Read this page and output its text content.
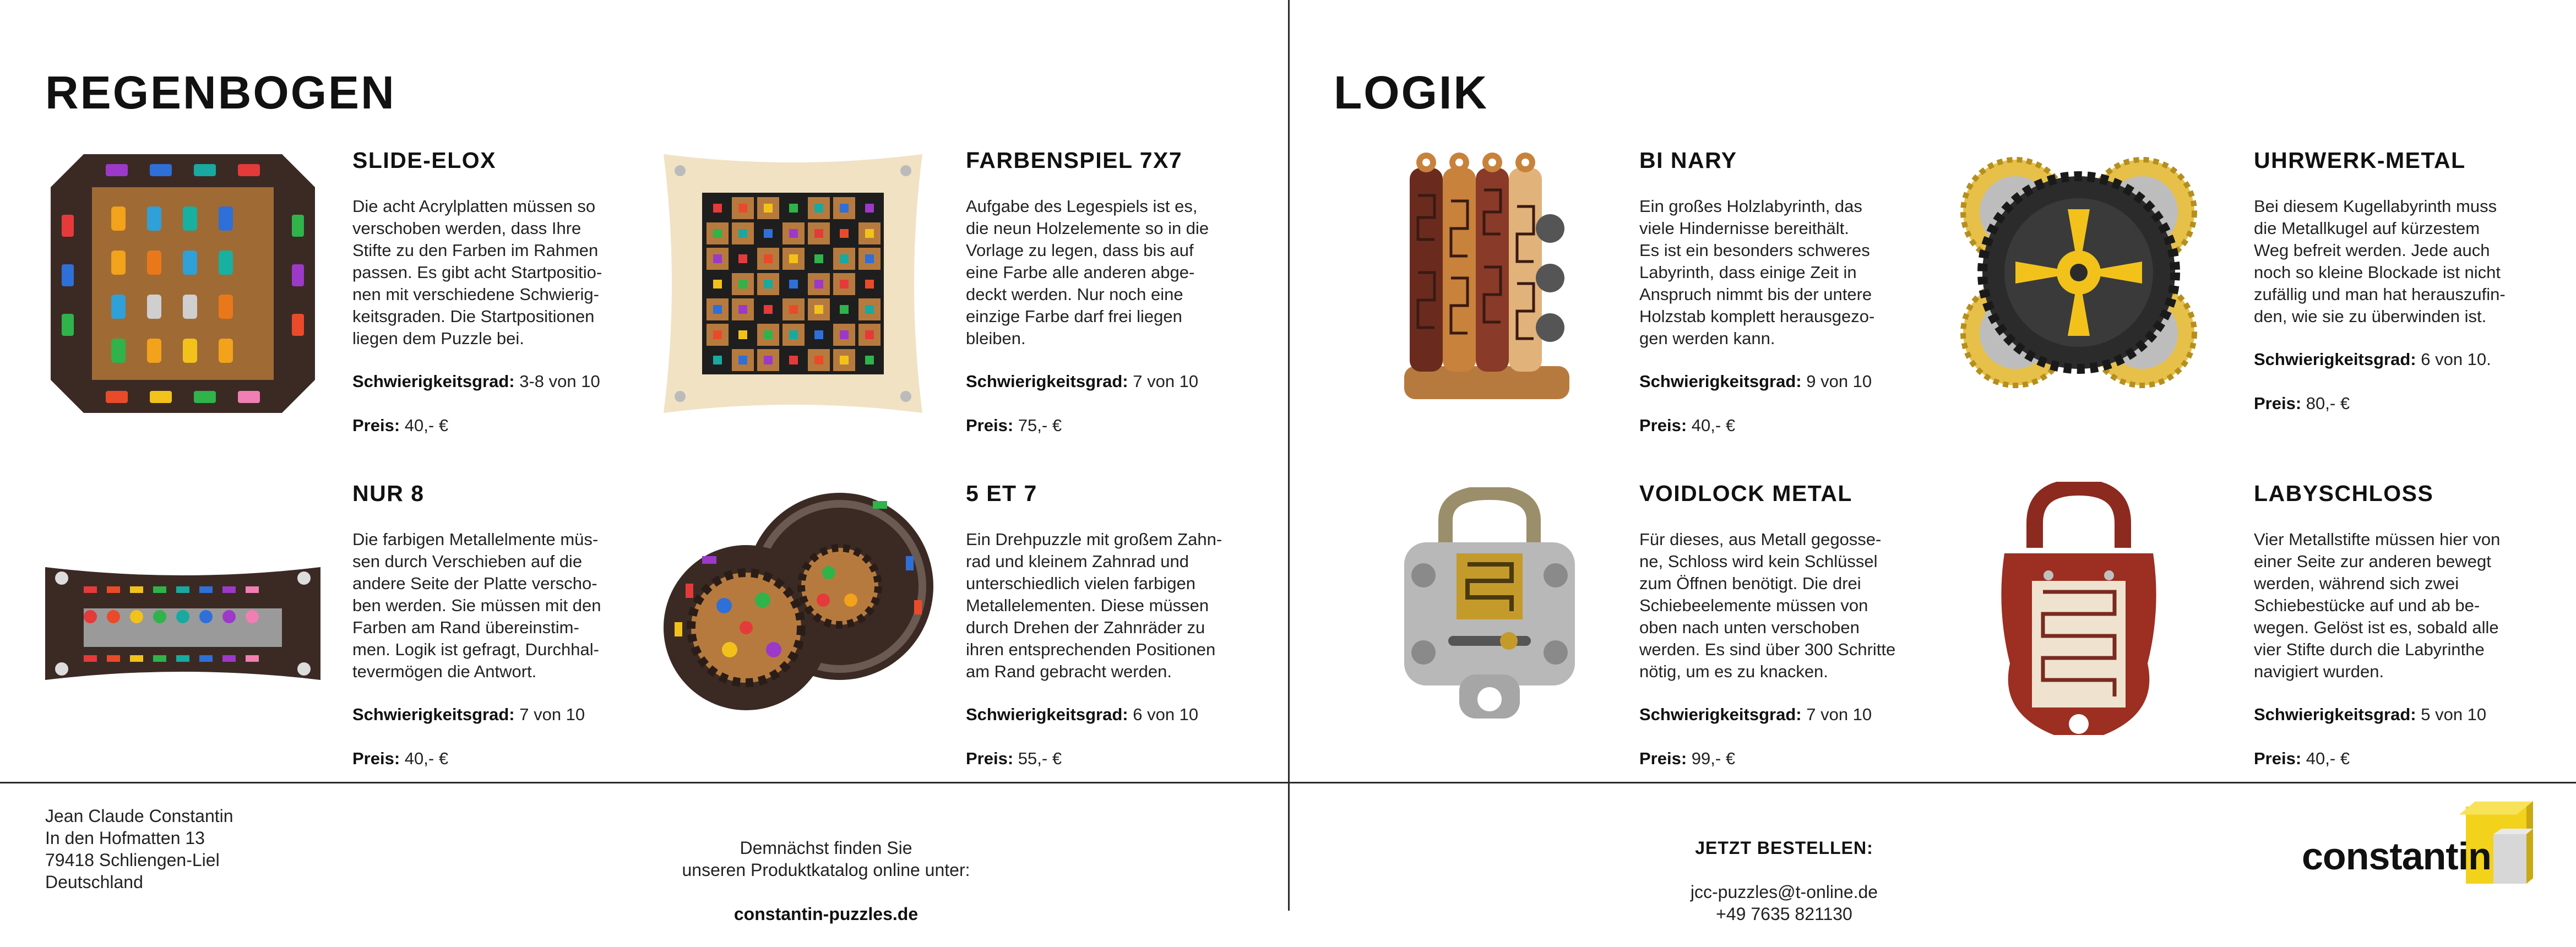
REGENBOGEN	LOGIK
SLIDE-ELOX
Die acht Acrylplatten müssen so
verschoben werden, dass Ihre
Stifte zu den Farben im Rahmen
passen. Es gibt acht Startpositio-
nen mit verschiedene Schwierig-
keitsgraden. Die Startpositionen
liegen dem Puzzle bei.
Schwierigkeitsgrad: 3-8 von 10
Preis: 40,- €
FARBENSPIEL 7X7
Aufgabe des Legespiels ist es,
die neun Holzelemente so in die
Vorlage zu legen, dass bis auf
eine Farbe alle anderen abge-
deckt werden. Nur noch eine
einzige Farbe darf frei liegen
bleiben.
Schwierigkeitsgrad: 7 von 10
Preis: 75,- €
NUR 8
Die farbigen Metallelmente müs-
sen durch Verschieben auf die
andere Seite der Platte verscho-
ben werden. Sie müssen mit den
Farben am Rand übereinstim-
men. Logik ist gefragt, Durchhal-
tevermögen die Antwort.
Schwierigkeitsgrad: 7 von 10
Preis: 40,- €
5 ET 7
Ein Drehpuzzle mit großem Zahn-
rad und kleinem Zahnrad und
unterschiedlich vielen farbigen
Metallelementen. Diese müssen
durch Drehen der Zahnräder zu
ihren entsprechenden Positionen
am Rand gebracht werden.
Schwierigkeitsgrad: 6 von 10
Preis: 55,- €
BI NARY
Ein großes Holzlabyrinth, das
viele Hindernisse bereithält.
Es ist ein besonders schweres
Labyrinth, dass einige Zeit in
Anspruch nimmt bis der untere
Holzstab komplett herausgezo-
gen werden kann.
Schwierigkeitsgrad: 9 von 10
Preis: 40,- €
UHRWERK-METAL
Bei diesem Kugellabyrinth muss
die Metallkugel auf kürzestem
Weg befreit werden. Jede auch
noch so kleine Blockade ist nicht
zufällig und man hat herauszufin-
den, wie sie zu überwinden ist.
Schwierigkeitsgrad: 6 von 10.
Preis: 80,- €
VOIDLOCK METAL
Für dieses, aus Metall gegosse-
ne, Schloss wird kein Schlüssel
zum Öffnen benötigt. Die drei
Schiebeelemente müssen von
oben nach unten verschoben
werden. Es sind über 300 Schritte
nötig, um es zu knacken.
Schwierigkeitsgrad: 7 von 10
Preis: 99,- €
LABYSCHLOSS
Vier Metallstifte müssen hier von
einer Seite zur anderen bewegt
werden, während sich zwei
Schiebestücke auf und ab be-
wegen. Gelöst ist es, sobald alle
vier Stifte durch die Labyrinthe
navigiert wurden.
Schwierigkeitsgrad: 5 von 10
Preis: 40,- €
Jean Claude Constantin
In den Hofmatten 13
79418 Schliengen-Liel
Deutschland

Demnächst finden Sie
unseren Produktkatalog online unter:

constantin-puzzles.de

JETZT BESTELLEN:

jcc-puzzles@t-online.de
+49 7635 821130

constantin
